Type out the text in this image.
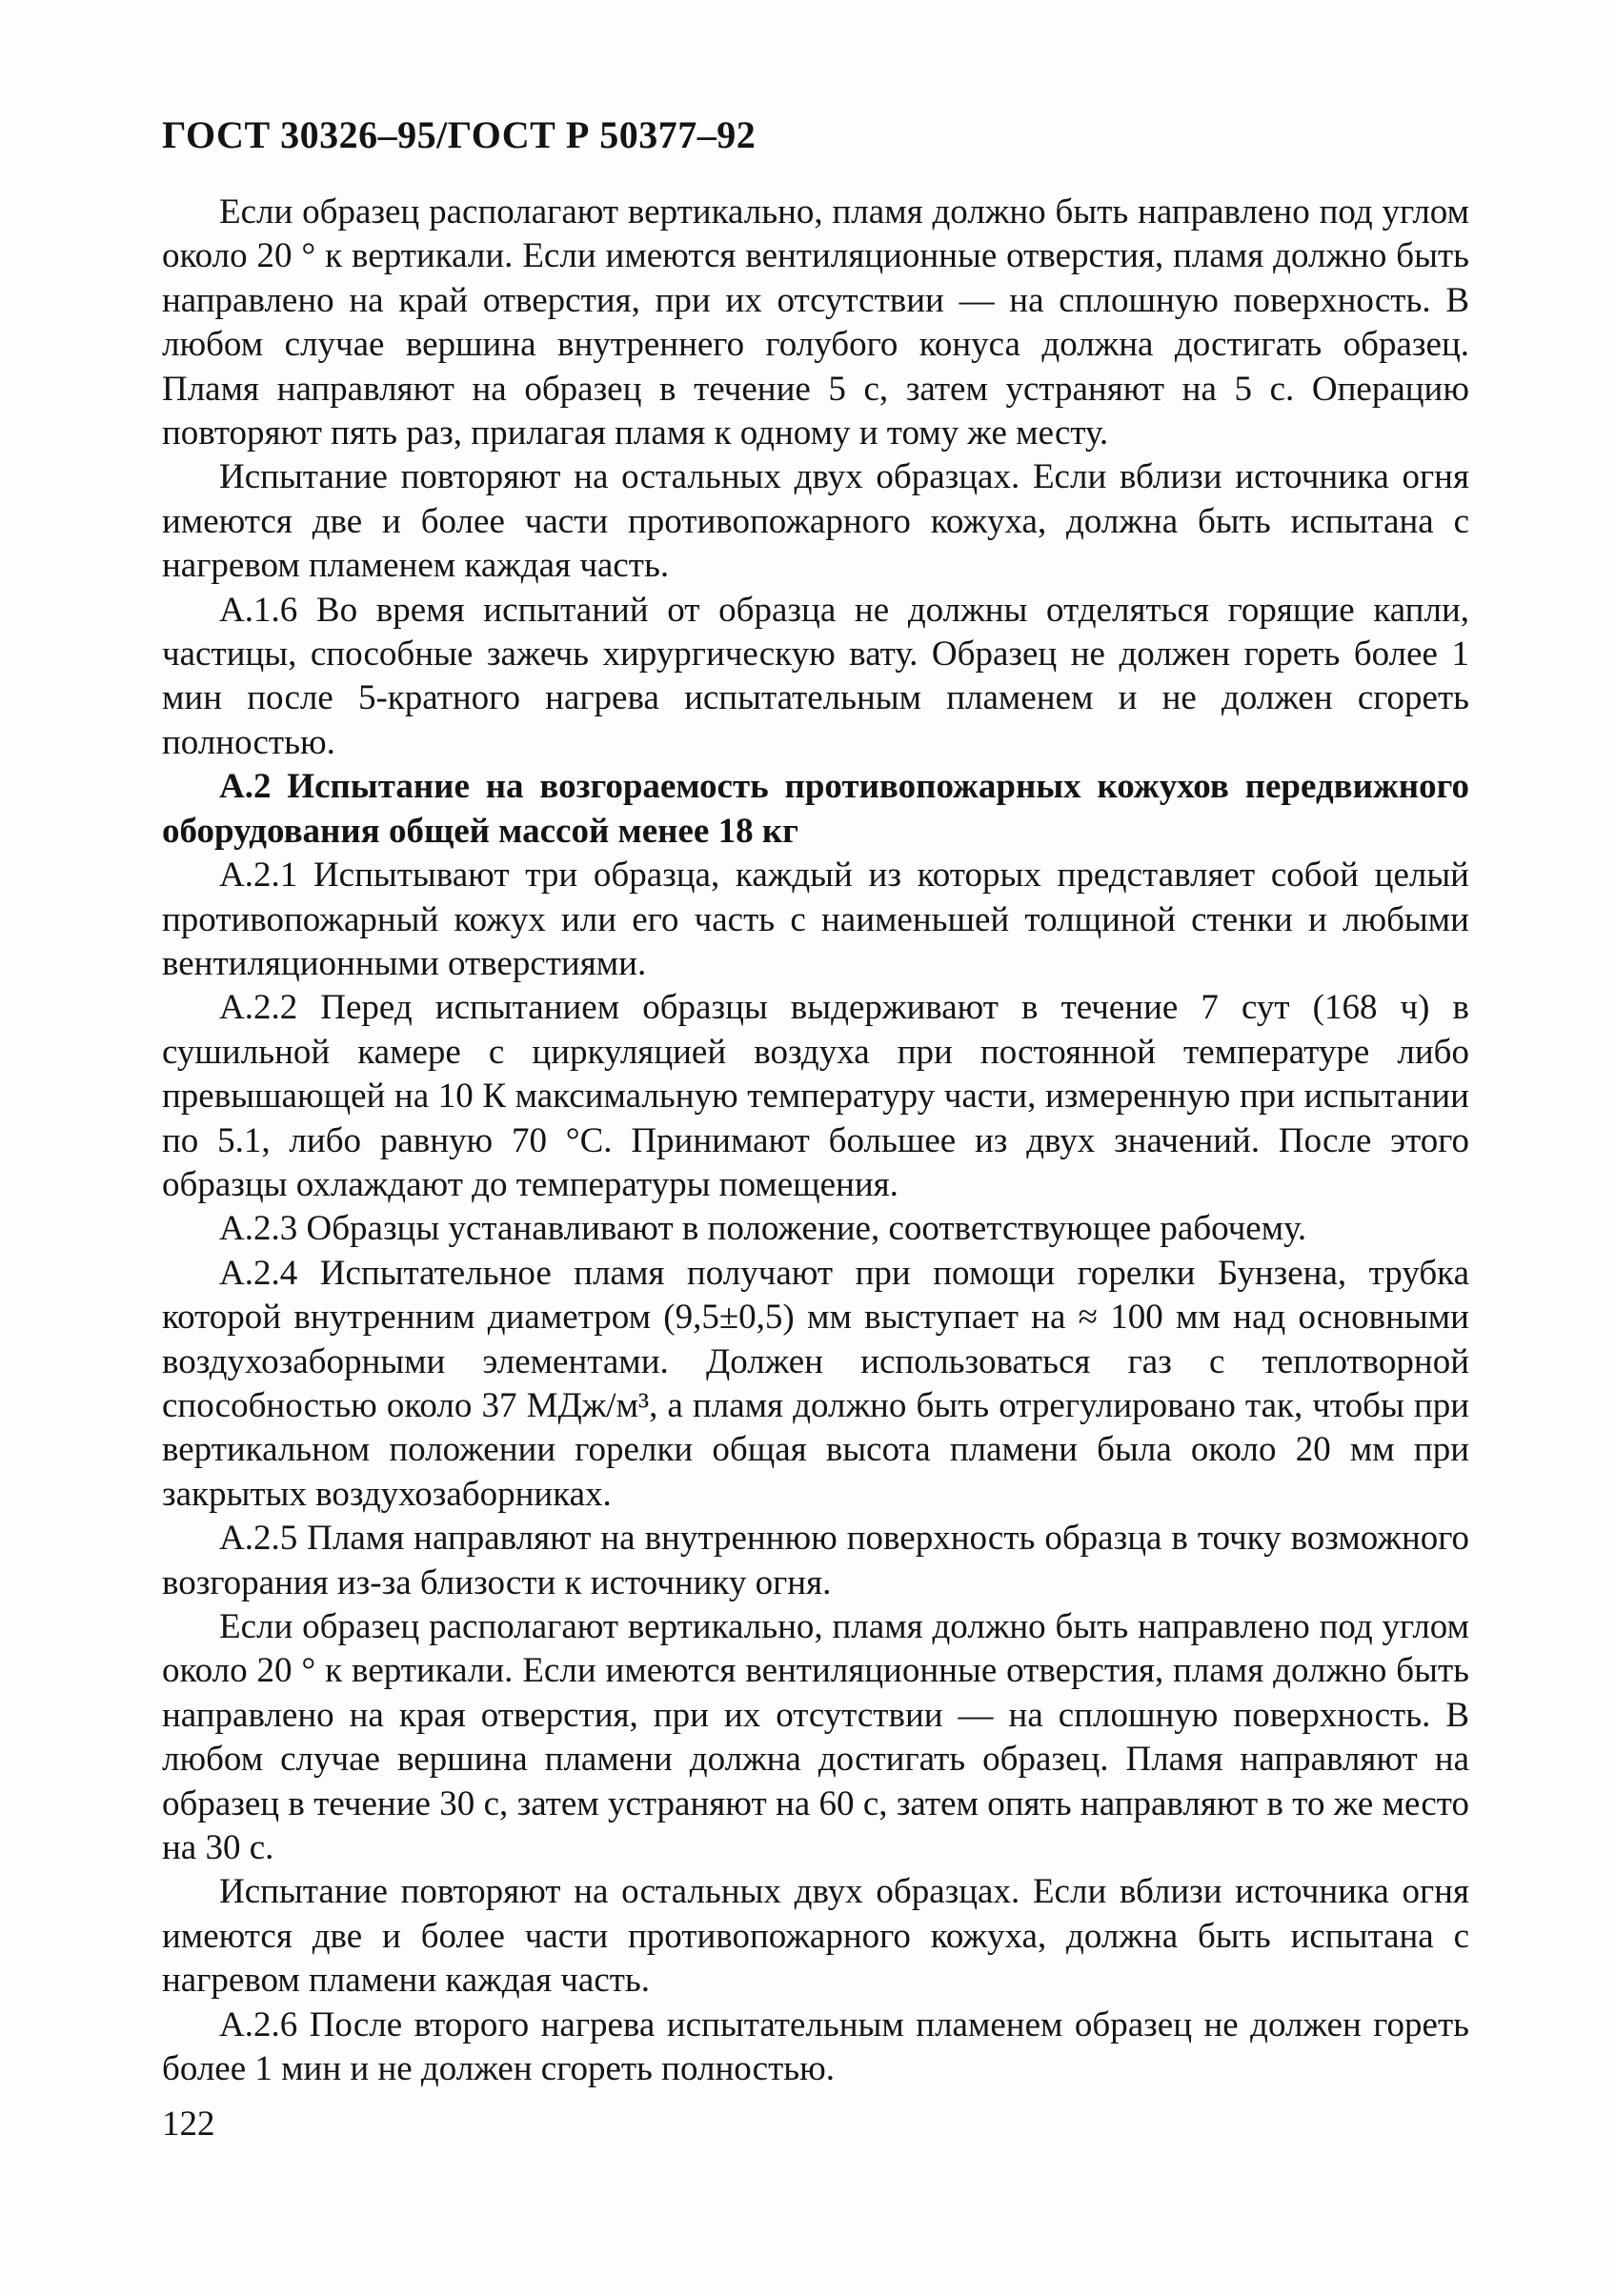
ГОСТ 30326–95/ГОСТ Р 50377–92

Если образец располагают вертикально, пламя должно быть направлено под углом около 20 ° к вертикали. Если имеются вентиляционные отверстия, пламя должно быть направлено на край отверстия, при их отсутствии — на сплошную поверхность. В любом случае вершина внутреннего голубого конуса должна достигать образец. Пламя направляют на образец в течение 5 с, затем устраняют на 5 с. Операцию повторяют пять раз, прилагая пламя к одному и тому же месту.

Испытание повторяют на остальных двух образцах. Если вблизи источника огня имеются две и более части противопожарного кожуха, должна быть испытана с нагревом пламенем каждая часть.

А.1.6 Во время испытаний от образца не должны отделяться горящие капли, частицы, способные зажечь хирургическую вату. Образец не должен гореть более 1 мин после 5-кратного нагрева испытательным пламенем и не должен сгореть полностью.

А.2 Испытание на возгораемость противопожарных кожухов передвижного оборудования общей массой менее 18 кг

А.2.1 Испытывают три образца, каждый из которых представляет собой целый противопожарный кожух или его часть с наименьшей толщиной стенки и любыми вентиляционными отверстиями.

А.2.2 Перед испытанием образцы выдерживают в течение 7 сут (168 ч) в сушильной камере с циркуляцией воздуха при постоянной температуре либо превышающей на 10 К максимальную температуру части, измеренную при испытании по 5.1, либо равную 70 °С. Принимают большее из двух значений. После этого образцы охлаждают до температуры помещения.

А.2.3 Образцы устанавливают в положение, соответствующее рабочему.

А.2.4 Испытательное пламя получают при помощи горелки Бунзена, трубка которой внутренним диаметром (9,5±0,5) мм выступает на ≈ 100 мм над основными воздухозаборными элементами. Должен использоваться газ с теплотворной способностью около 37 МДж/м³, а пламя должно быть отрегулировано так, чтобы при вертикальном положении горелки общая высота пламени была около 20 мм при закрытых воздухозаборниках.

А.2.5 Пламя направляют на внутреннюю поверхность образца в точку возможного возгорания из-за близости к источнику огня.

Если образец располагают вертикально, пламя должно быть направлено под углом около 20 ° к вертикали. Если имеются вентиляционные отверстия, пламя должно быть направлено на края отверстия, при их отсутствии — на сплошную поверхность. В любом случае вершина пламени должна достигать образец. Пламя направляют на образец в течение 30 с, затем устраняют на 60 с, затем опять направляют в то же место на 30 с.

Испытание повторяют на остальных двух образцах. Если вблизи источника огня имеются две и более части противопожарного кожуха, должна быть испытана с нагревом пламени каждая часть.

А.2.6 После второго нагрева испытательным пламенем образец не должен гореть более 1 мин и не должен сгореть полностью.

122
